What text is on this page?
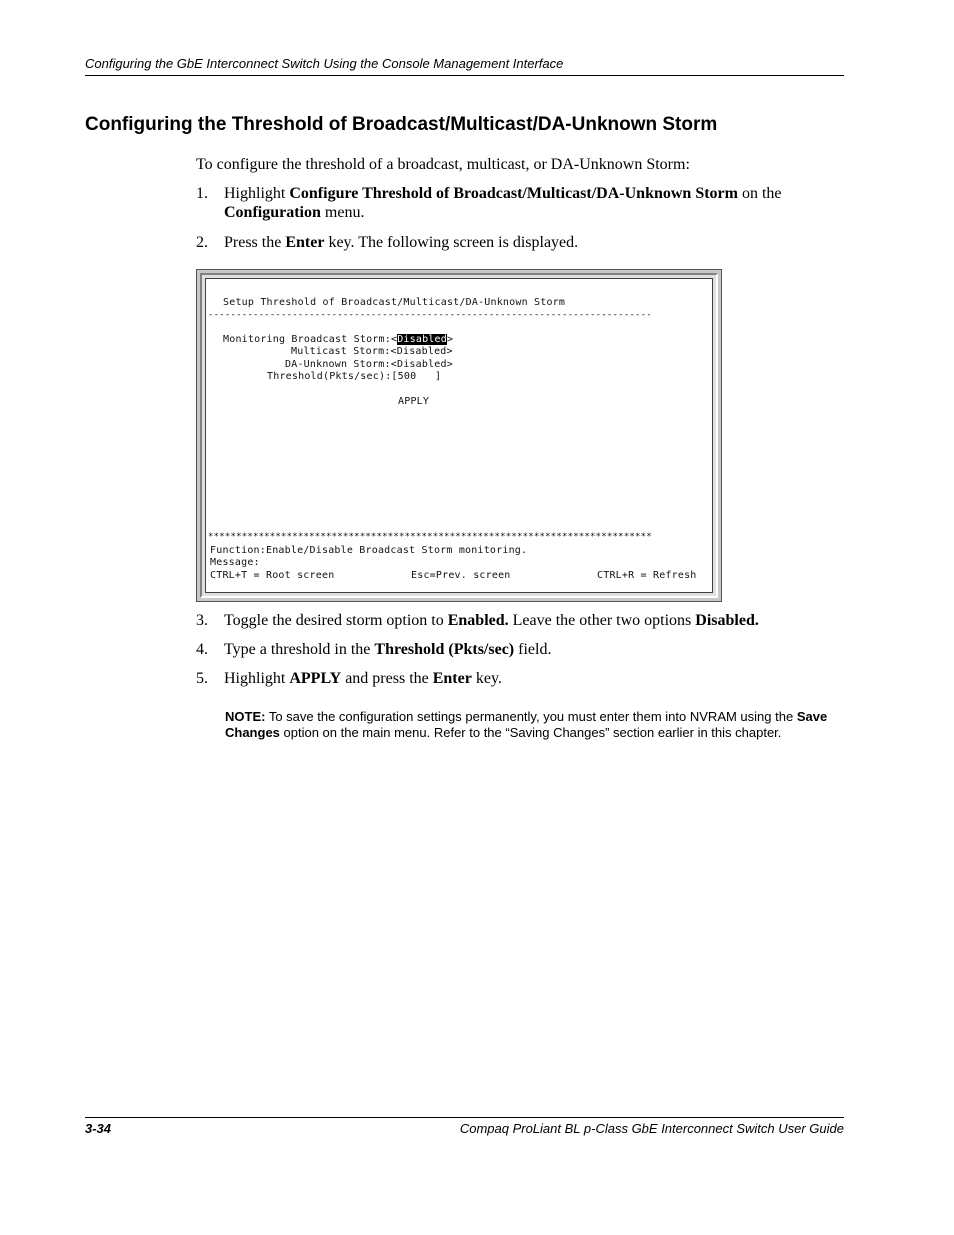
Configuring the GbE Interconnect Switch Using the Console Management Interface
Configuring the Threshold of Broadcast/Multicast/DA-Unknown Storm
To configure the threshold of a broadcast, multicast, or DA-Unknown Storm:
1. Highlight Configure Threshold of Broadcast/Multicast/DA-Unknown Storm on the
Configuration menu.
2. Press the Enter key. The following screen is displayed.
Setup Threshold of Broadcast/Multicast/DA-Unknown Storm
-------------------------------------------------------------------------------
Monitoring Broadcast Storm:<Disabled>
Multicast Storm:<Disabled>
DA-Unknown Storm:<Disabled>
Threshold(Pkts/sec):[500   ]
APPLY
*******************************************************************************
Function:Enable/Disable Broadcast Storm monitoring.
Message:
CTRL+T = Root screen	Esc=Prev. screen	CTRL+R = Refresh
3. Toggle the desired storm option to Enabled. Leave the other two options Disabled.
4. Type a threshold in the Threshold (Pkts/sec) field.
5. Highlight APPLY and press the Enter key.
NOTE: To save the configuration settings permanently, you must enter them into NVRAM using the Save Changes option on the main menu. Refer to the “Saving Changes” section earlier in this chapter.
3-34	Compaq ProLiant BL p-Class GbE Interconnect Switch User Guide
